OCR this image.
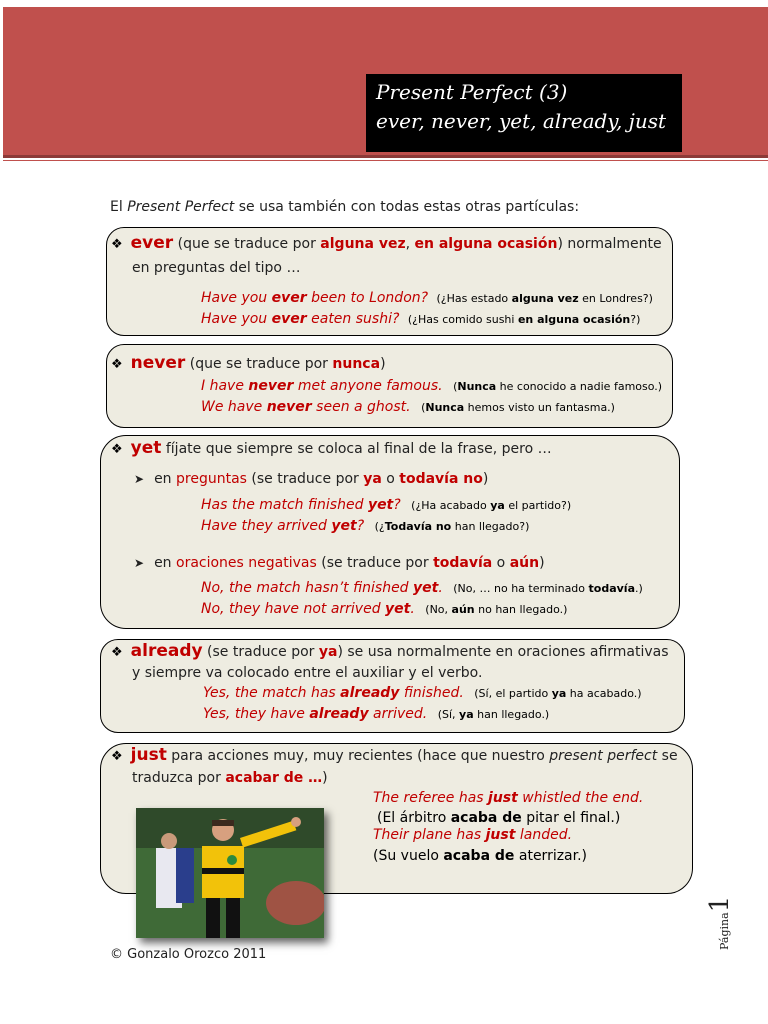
Present Perfect (3)
ever, never, yet, already, just
El Present Perfect se usa también con todas estas otras partículas:
❖ ever (que se traduce por alguna vez, en alguna ocasión) normalmente
en preguntas del tipo …
Have you ever been to London? (¿Has estado alguna vez en Londres?)
Have you ever eaten sushi? (¿Has comido sushi en alguna ocasión?)
❖ never (que se traduce por nunca)
I have never met anyone famous. (Nunca he conocido a nadie famoso.)
We have never seen a ghost. (Nunca hemos visto un fantasma.)
❖ yet fíjate que siempre se coloca al final de la frase, pero …
➤ en preguntas (se traduce por ya o todavía no)
Has the match finished yet? (¿Ha acabado ya el partido?)
Have they arrived yet? (¿Todavía no han llegado?)
➤ en oraciones negativas (se traduce por todavía o aún)
No, the match hasn’t finished yet. (No, … no ha terminado todavía.)
No, they have not arrived yet. (No, aún no han llegado.)
❖ already (se traduce por ya) se usa normalmente en oraciones afirmativas
y siempre va colocado entre el auxiliar y el verbo.
Yes, the match has already finished. (Sí, el partido ya ha acabado.)
Yes, they have already arrived. (Sí, ya han llegado.)
❖ just para acciones muy, muy recientes (hace que nuestro present perfect se
traduzca por acabar de …)
The referee has just whistled the end.
(El árbitro acaba de pitar el final.)
Their plane has just landed.
(Su vuelo acaba de aterrizar.)
© Gonzalo Orozco 2011
Página1
